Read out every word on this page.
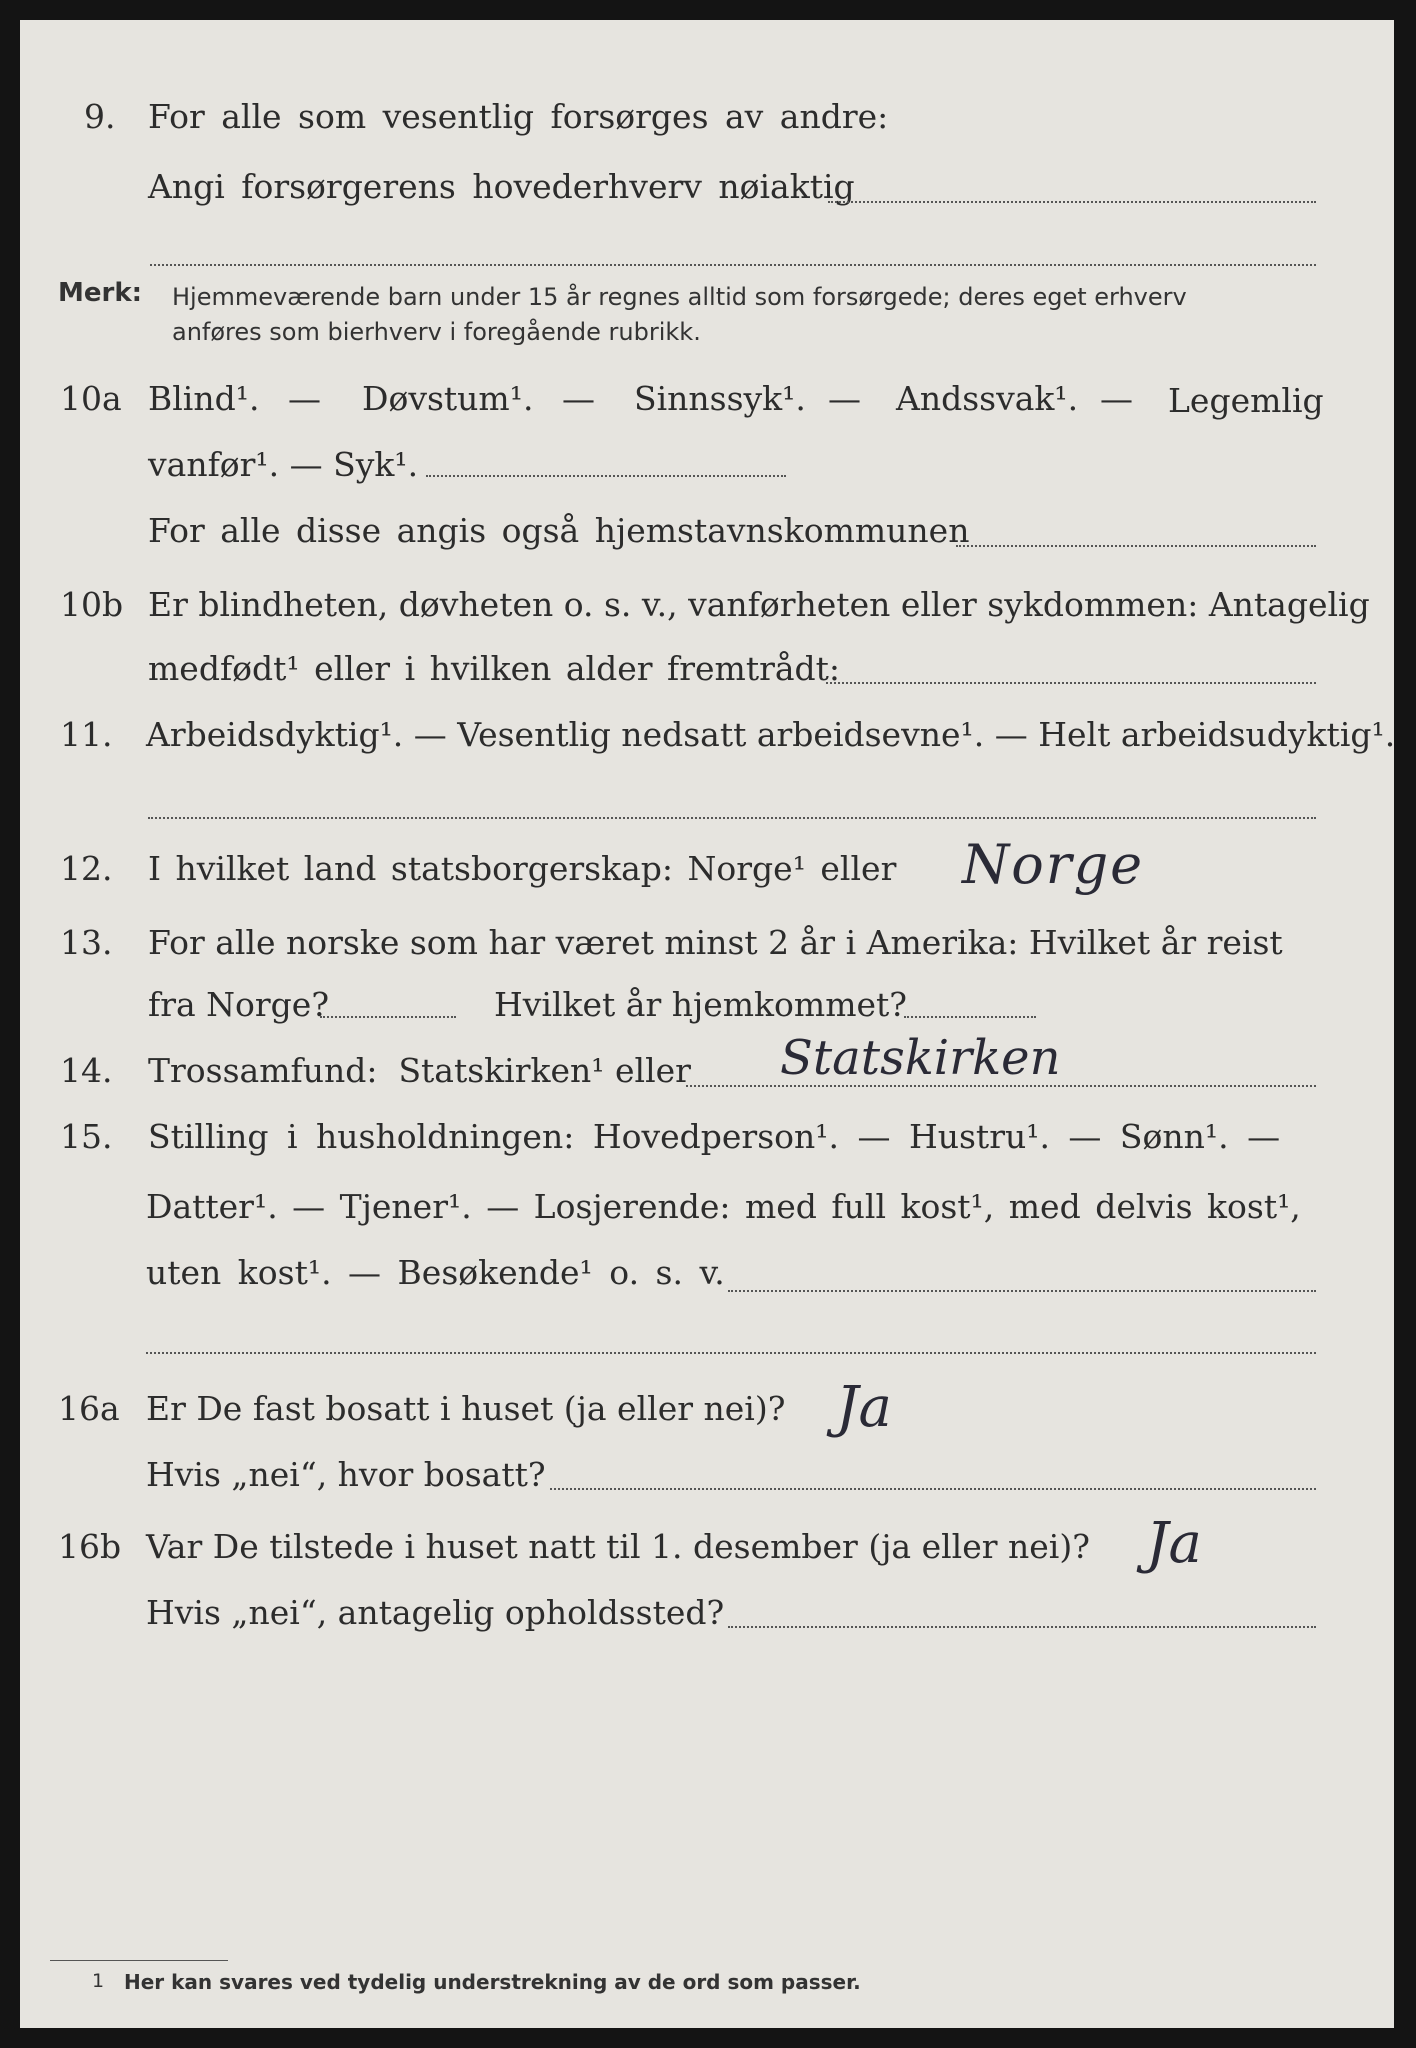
9. For alle som vesentlig forsørges av andre:
Angi forsørgerens hovederhverv nøiaktig
Merk: Hjemmeværende barn under 15 år regnes alltid som forsørgede; deres eget erhverv
anføres som bierhverv i foregående rubrikk.
10a Blind¹. — Døvstum¹. — Sinnssyk¹. — Andssvak¹. — Legemlig
vanfør¹. — Syk¹.
For alle disse angis også hjemstavnskommunen
10b Er blindheten, døvheten o. s. v., vanførheten eller sykdommen: Antagelig
medfødt¹ eller i hvilken alder fremtrådt:
11. Arbeidsdyktig¹. — Vesentlig nedsatt arbeidsevne¹. — Helt arbeidsudyktig¹.
12. I hvilket land statsborgerskap: Norge¹ eller Norge
13. For alle norske som har været minst 2 år i Amerika: Hvilket år reist
fra Norge?	Hvilket år hjemkommet?
14. Trossamfund: Statskirken¹ eller Statskirken
15. Stilling i husholdningen: Hovedperson¹. — Hustru¹. — Sønn¹. —
Datter¹. — Tjener¹. — Losjerende: med full kost¹, med delvis kost¹,
uten kost¹. — Besøkende¹ o. s. v.
16a Er De fast bosatt i huset (ja eller nei)? Ja
Hvis „nei“, hvor bosatt?
16b Var De tilstede i huset natt til 1. desember (ja eller nei)? Ja
Hvis „nei“, antagelig opholdssted?
1 Her kan svares ved tydelig understrekning av de ord som passer.
